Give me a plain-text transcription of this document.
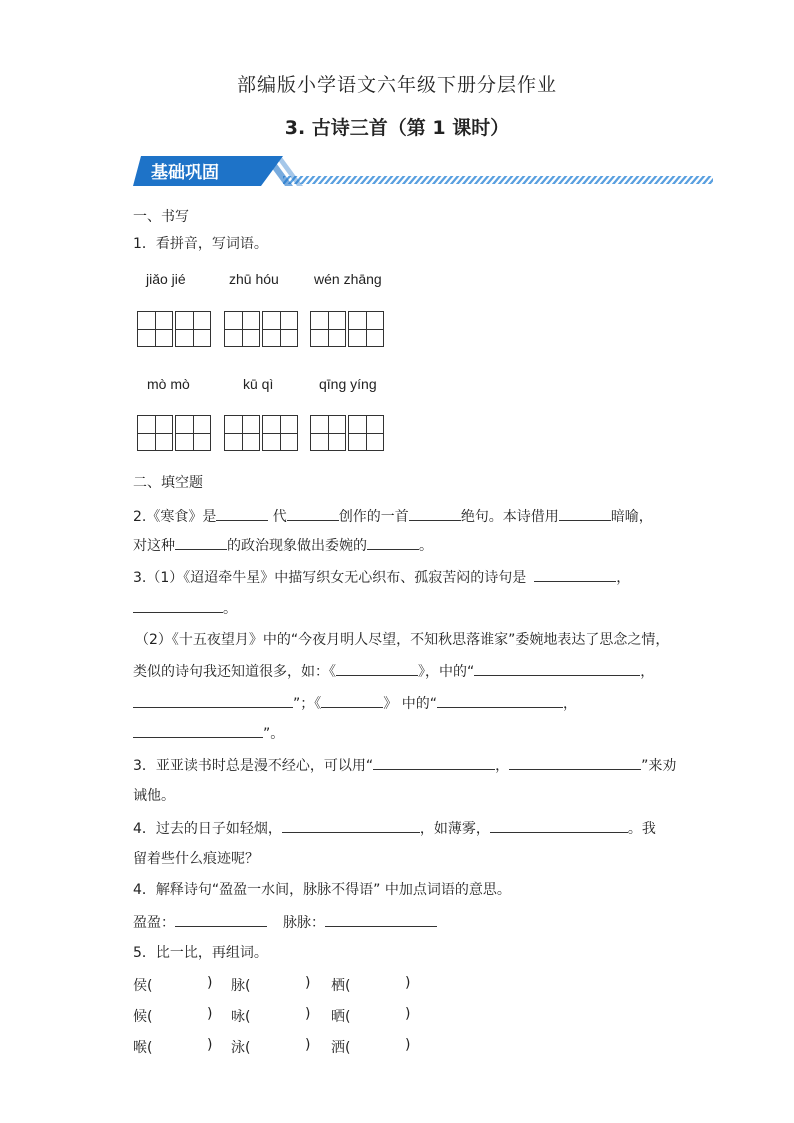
部编版小学语文六年级下册分层作业
3. 古诗三首（第 1 课时）
基础巩固
一、书写
1．看拼音，写词语。
jiǎo jié	zhū hóu	wén zhāng
mò mò	kū qì	qīng yíng
二、填空题
2.《寒食》是	代	创作的一首	绝句。本诗借用	暗喻，
对这种	的政治现象做出委婉的	。
3.（1）《迢迢牵牛星》中描写织女无心织布、孤寂苦闷的诗句是	，
。
（2）《十五夜望月》中的“今夜月明人尽望，不知秋思落谁家”委婉地表达了思念之情，
类似的诗句我还知道很多，如：《	》，中的“	，
”；《	》 中的“	，
”。
3．亚亚读书时总是漫不经心，可以用“	，	”来劝
诫他。
4．过去的日子如轻烟，	，如薄雾，	。我
留着些什么痕迹呢？
4．解释诗句“盈盈一水间，脉脉不得语” 中加点词语的意思。
盈盈：	脉脉：
5．比一比，再组词。
侯(	) 脉(	) 栖(	)
候(	) 咏(	) 晒(	)
喉(	) 泳(	) 洒(	)
